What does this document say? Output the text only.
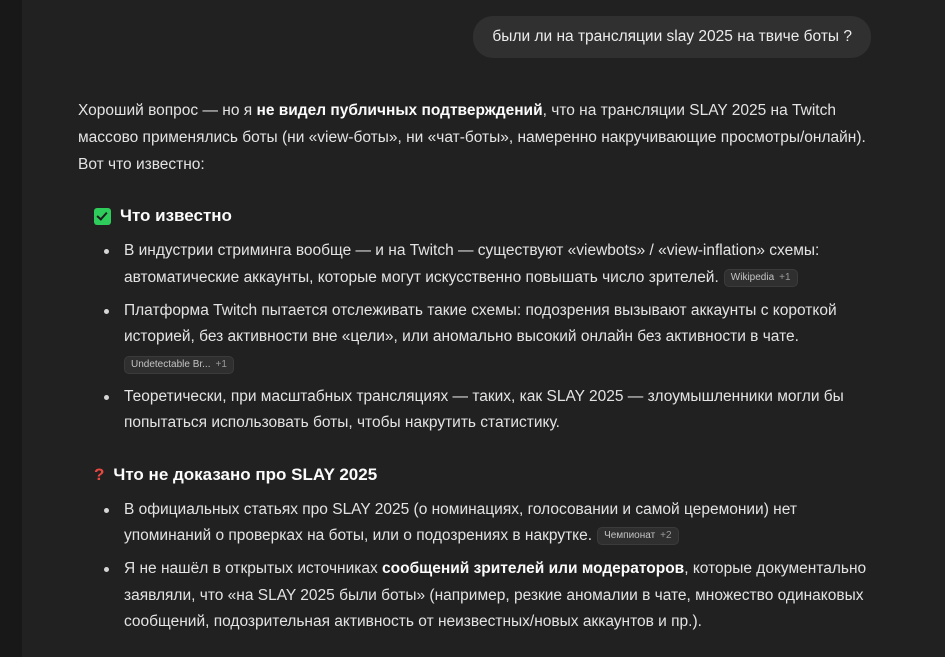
были ли на трансляции slay 2025 на твиче боты ?

Хороший вопрос — но я не видел публичных подтверждений, что на трансляции SLAY 2025 на Twitch массово применялись боты (ни «view-боты», ни «чат-боты», намеренно накручивающие просмотры/онлайн). Вот что известно:

Что известно
В индустрии стриминга вообще — и на Twitch — существуют «viewbots» / «view-inflation» схемы: автоматические аккаунты, которые могут искусственно повышать число зрителей. Wikipedia +1
Платформа Twitch пытается отслеживать такие схемы: подозрения вызывают аккаунты с короткой историей, без активности вне «цели», или аномально высокий онлайн без активности в чате.

Undetectable Br... +1
Теоретически, при масштабных трансляциях — таких, как SLAY 2025 — злоумышленники могли бы попытаться использовать боты, чтобы накрутить статистику.
? Что не доказано про SLAY 2025
В официальных статьях про SLAY 2025 (о номинациях, голосовании и самой церемонии) нет упоминаний о проверках на боты, или о подозрениях в накрутке. Чемпионат +2
Я не нашёл в открытых источниках сообщений зрителей или модераторов, которые документально заявляли, что «на SLAY 2025 были боты» (например, резкие аномалии в чате, множество одинаковых сообщений, подозрительная активность от неизвестных/новых аккаунтов и пр.).
